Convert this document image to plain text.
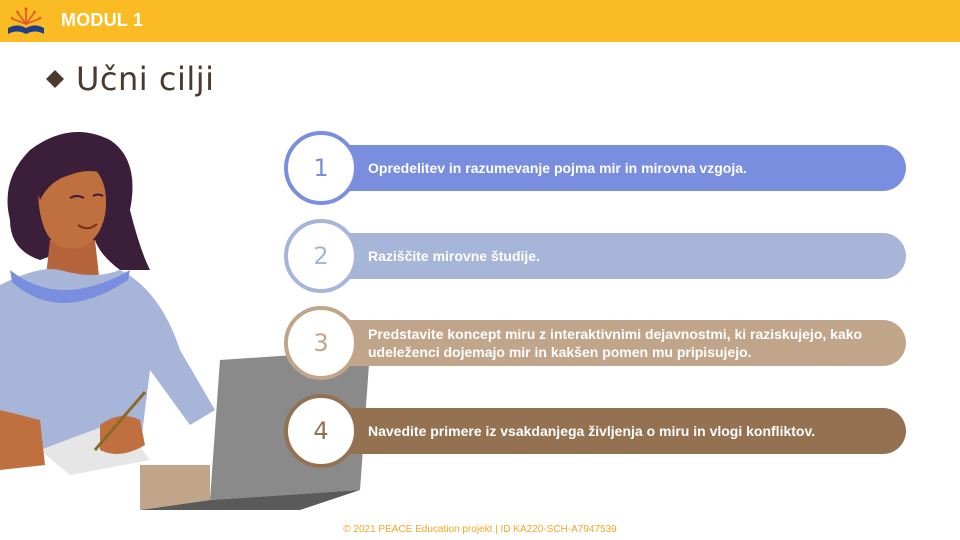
MODUL 1
Učni cilji
1	Opredelitev in razumevanje pojma mir in mirovna vzgoja.
2	Raziščite mirovne študije.
3	Predstavite koncept miru z interaktivnimi dejavnostmi, ki raziskujejo, kako udeleženci dojemajo mir in kakšen pomen mu pripisujejo.
4	Navedite primere iz vsakdanjega življenja o miru in vlogi konfliktov.
© 2021 PEACE Education projekt | ID KA220-SCH-A7947539
